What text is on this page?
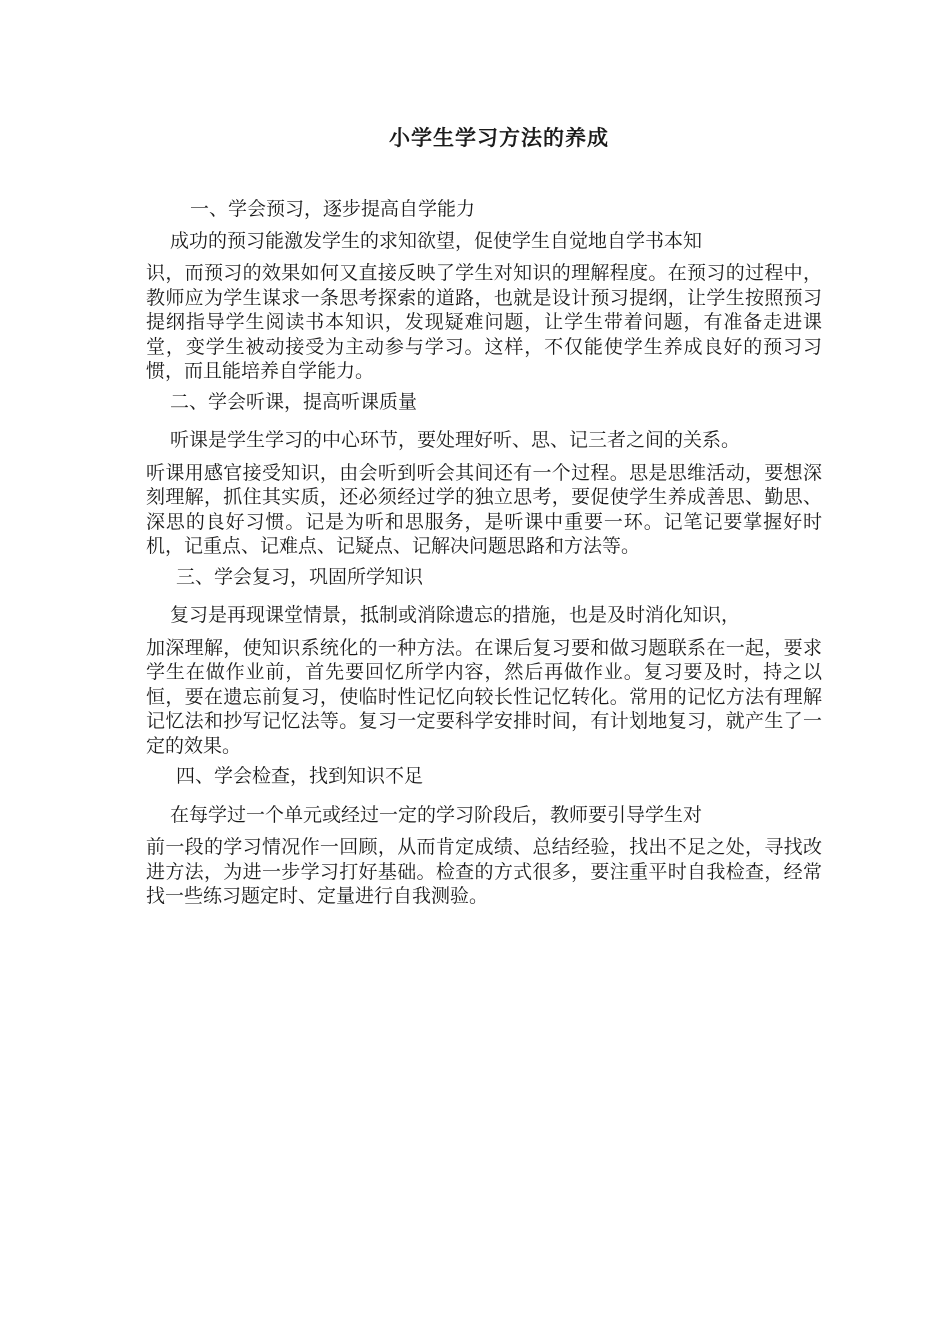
小学生学习方法的养成

一、学会预习，逐步提高自学能力

成功的预习能激发学生的求知欲望，促使学生自觉地自学书本知

识，而预习的效果如何又直接反映了学生对知识的理解程度。在预习的过程中，教师应为学生谋求一条思考探索的道路，也就是设计预习提纲，让学生按照预习提纲指导学生阅读书本知识，发现疑难问题，让学生带着问题，有准备走进课堂，变学生被动接受为主动参与学习。这样，不仅能使学生养成良好的预习习惯，而且能培养自学能力。

二、学会听课，提高听课质量

听课是学生学习的中心环节，要处理好听、思、记三者之间的关系。

听课用感官接受知识，由会听到听会其间还有一个过程。思是思维活动，要想深刻理解，抓住其实质，还必须经过学的独立思考，要促使学生养成善思、勤思、深思的良好习惯。记是为听和思服务，是听课中重要一环。记笔记要掌握好时机，记重点、记难点、记疑点、记解决问题思路和方法等。

三、学会复习，巩固所学知识

复习是再现课堂情景，抵制或消除遗忘的措施，也是及时消化知识，

加深理解，使知识系统化的一种方法。在课后复习要和做习题联系在一起，要求学生在做作业前，首先要回忆所学内容，然后再做作业。复习要及时，持之以恒，要在遗忘前复习，使临时性记忆向较长性记忆转化。常用的记忆方法有理解记忆法和抄写记忆法等。复习一定要科学安排时间，有计划地复习，就产生了一定的效果。

四、学会检查，找到知识不足

在每学过一个单元或经过一定的学习阶段后，教师要引导学生对

前一段的学习情况作一回顾，从而肯定成绩、总结经验，找出不足之处，寻找改进方法，为进一步学习打好基础。检查的方式很多，要注重平时自我检查，经常找一些练习题定时、定量进行自我测验。
